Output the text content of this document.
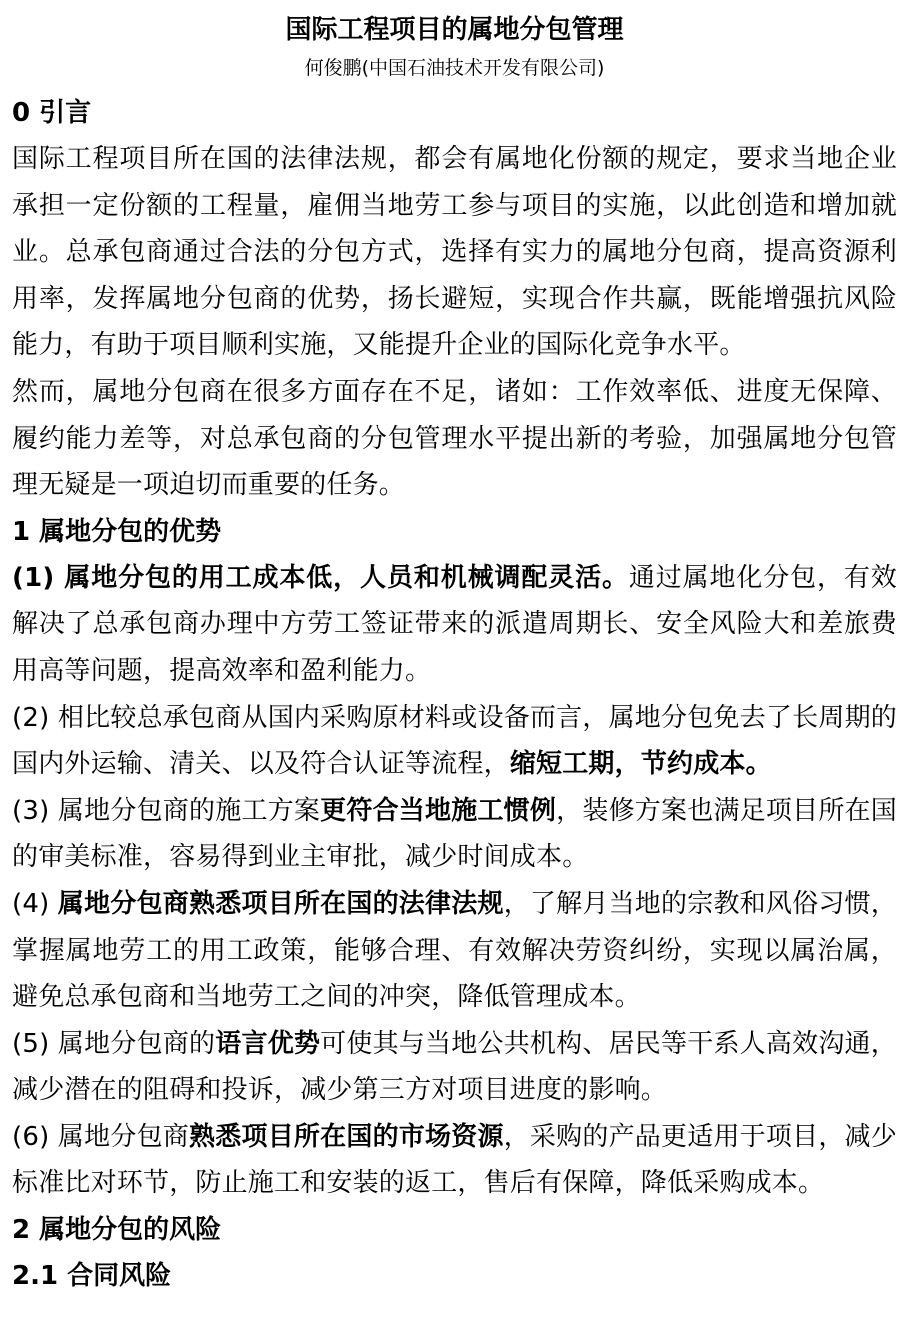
国际工程项目的属地分包管理

何俊鹏(中国石油技术开发有限公司)

0 引言

国际工程项目所在国的法律法规，都会有属地化份额的规定，要求当地企业承担一定份额的工程量，雇佣当地劳工参与项目的实施，以此创造和增加就业。总承包商通过合法的分包方式，选择有实力的属地分包商，提高资源利用率，发挥属地分包商的优势，扬长避短，实现合作共赢，既能增强抗风险能力，有助于项目顺利实施，又能提升企业的国际化竞争水平。

然而，属地分包商在很多方面存在不足，诸如：工作效率低、进度无保障、履约能力差等，对总承包商的分包管理水平提出新的考验，加强属地分包管理无疑是一项迫切而重要的任务。

1 属地分包的优势

(1) 属地分包的用工成本低，人员和机械调配灵活。通过属地化分包，有效解决了总承包商办理中方劳工签证带来的派遣周期长、安全风险大和差旅费用高等问题，提高效率和盈利能力。

(2) 相比较总承包商从国内采购原材料或设备而言，属地分包免去了长周期的国内外运输、清关、以及符合认证等流程，缩短工期，节约成本。

(3) 属地分包商的施工方案更符合当地施工惯例，装修方案也满足项目所在国的审美标准，容易得到业主审批，减少时间成本。

(4) 属地分包商熟悉项目所在国的法律法规，了解月当地的宗教和风俗习惯，掌握属地劳工的用工政策，能够合理、有效解决劳资纠纷，实现以属治属，避免总承包商和当地劳工之间的冲突，降低管理成本。

(5) 属地分包商的语言优势可使其与当地公共机构、居民等干系人高效沟通，减少潜在的阻碍和投诉，减少第三方对项目进度的影响。

(6) 属地分包商熟悉项目所在国的市场资源，采购的产品更适用于项目，减少标准比对环节，防止施工和安装的返工，售后有保障，降低采购成本。

2 属地分包的风险

2.1 合同风险
